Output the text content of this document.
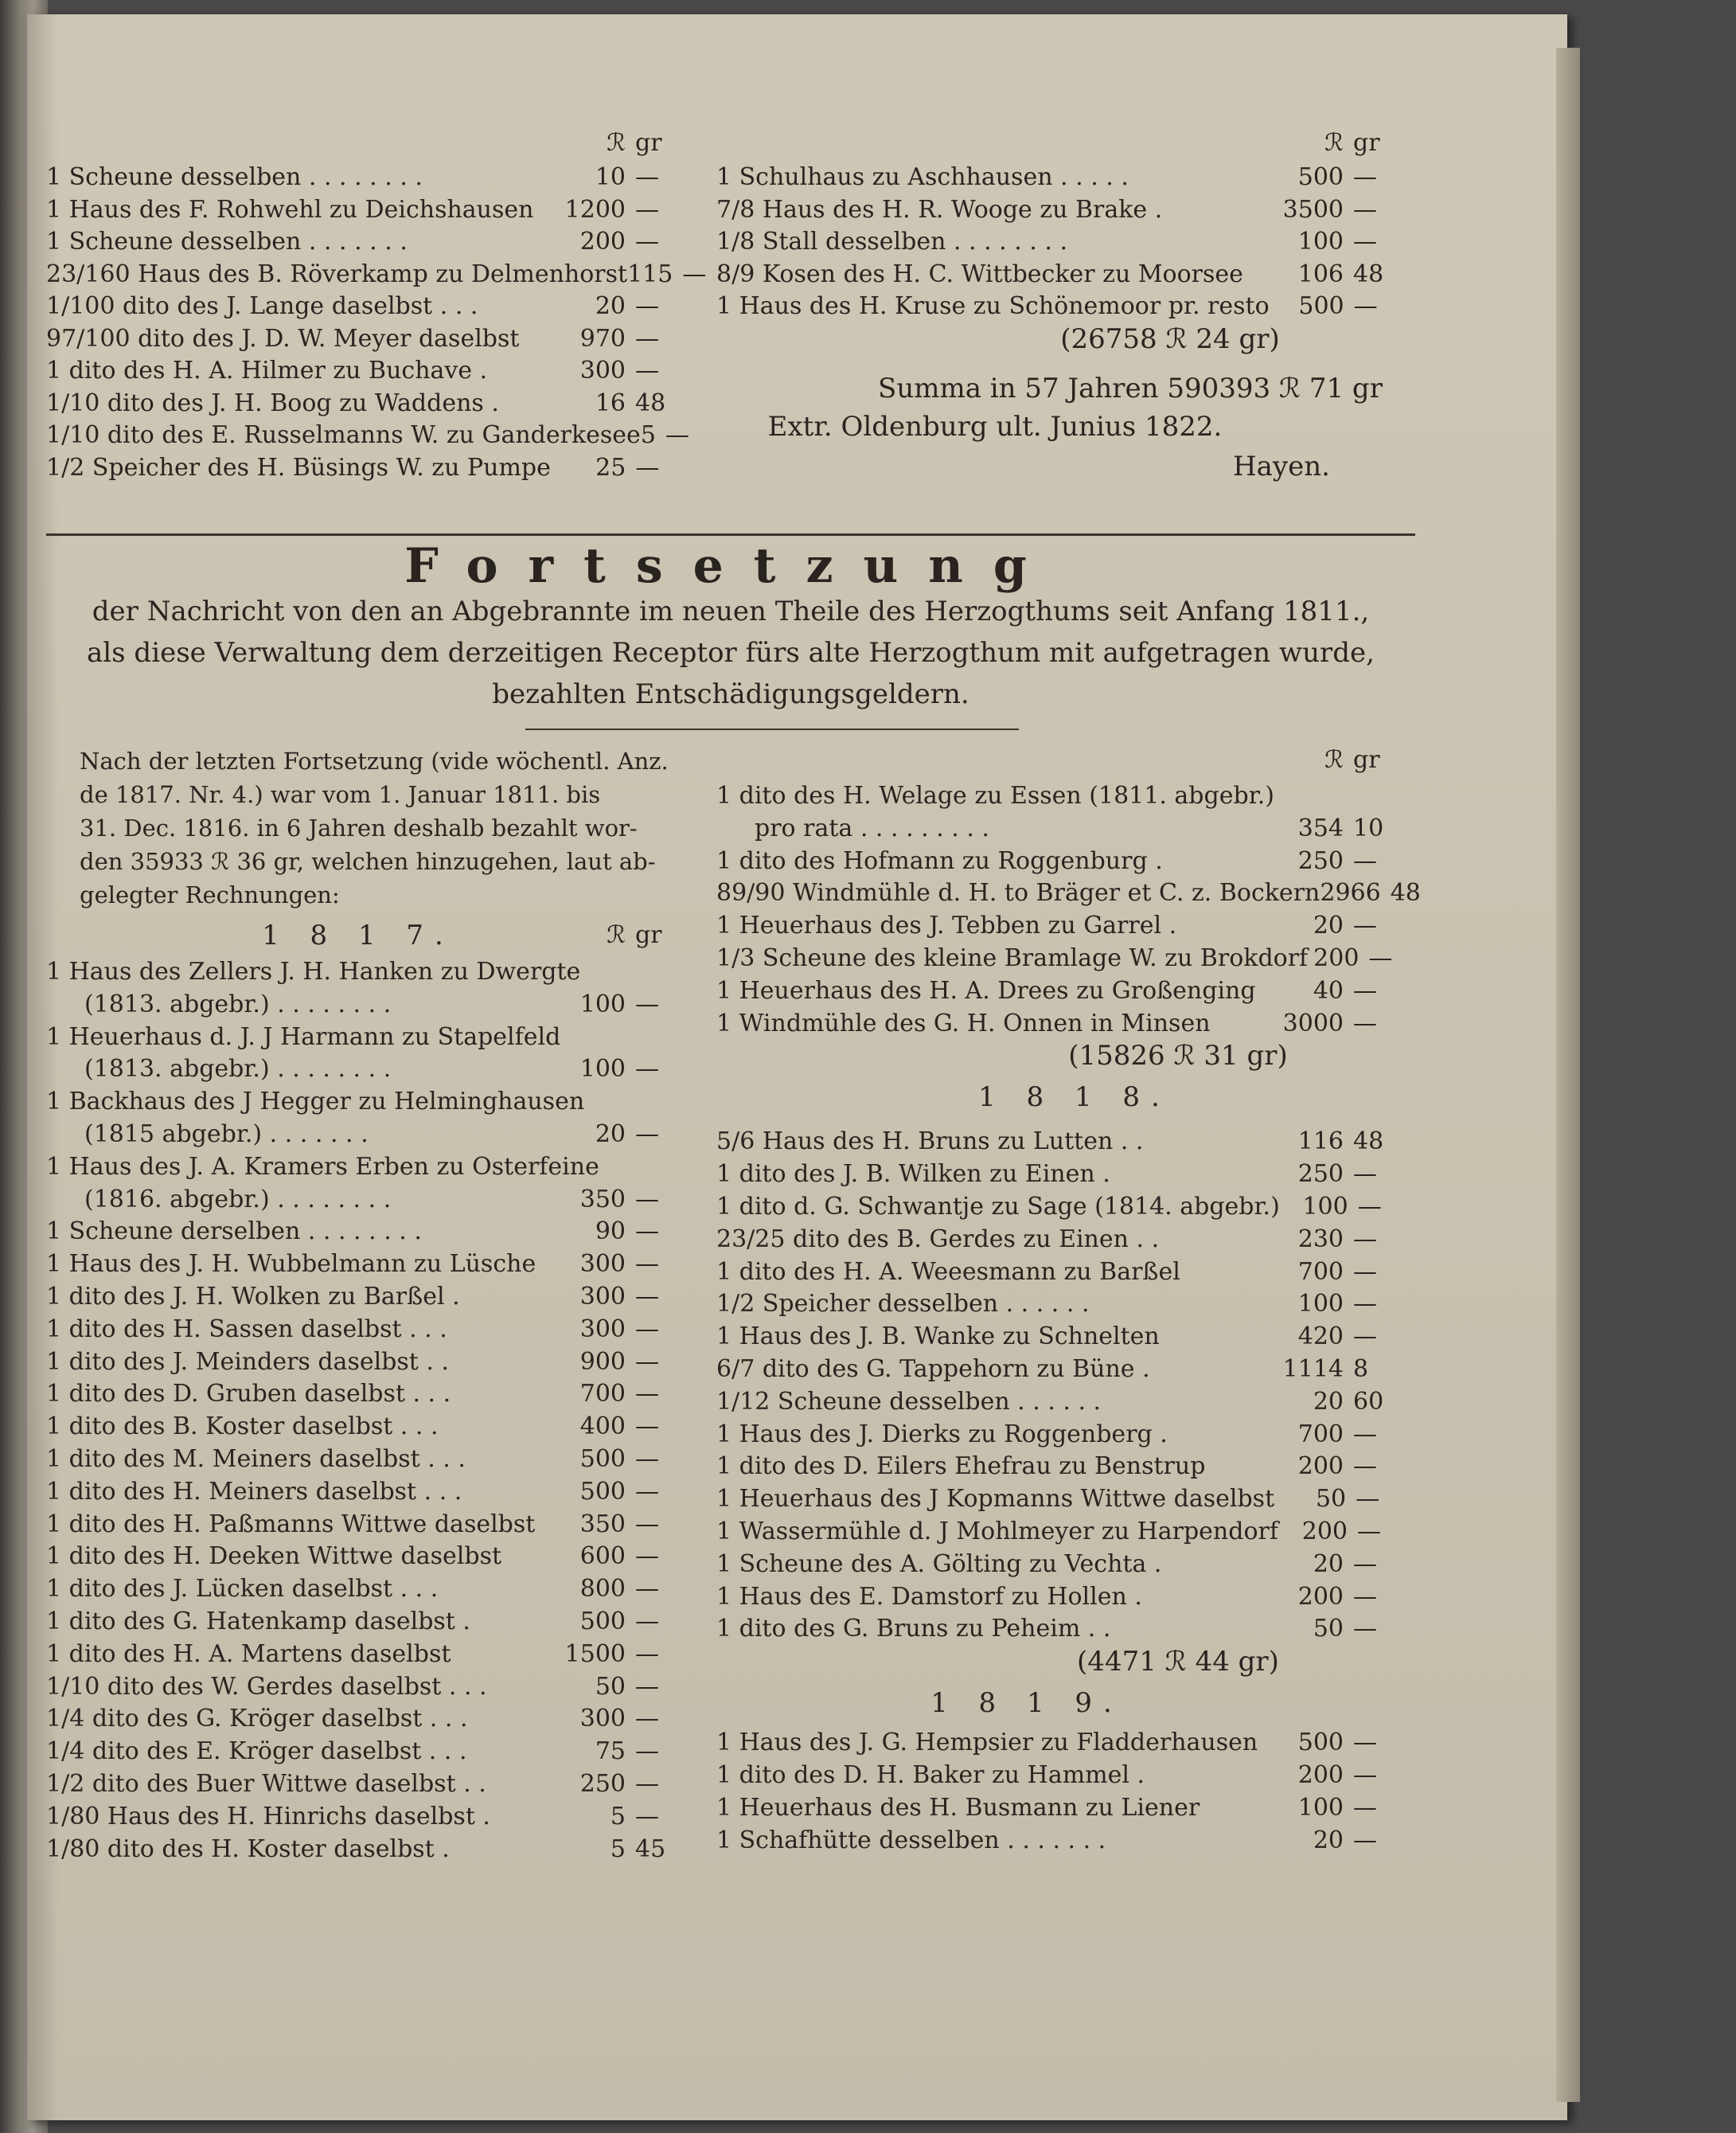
ℛ gr
1 Scheune desselben . . . . . . . .	10 —
1 Haus des F. Rohwehl zu Deichshausen	1200 —
1 Scheune desselben . . . . . . .	200 —
23/160 Haus des B. Röverkamp zu Delmenhorst 115 —
1/100 dito des J. Lange daselbst . . .	20 —
97/100 dito des J. D. W. Meyer daselbst	970 —
1 dito des H. A. Hilmer zu Buchave .	300 —
1/10 dito des J. H. Boog zu Waddens .	16 48
1/10 dito des E. Russelmanns W. zu Ganderkesee 5 —
1/2 Speicher des H. Büsings W. zu Pumpe	25 —
ℛ gr
1 Schulhaus zu Aschhausen . . . . .	500 —
7/8 Haus des H. R. Wooge zu Brake .	3500 —
1/8 Stall desselben . . . . . . . .	100 —
8/9 Kosen des H. C. Wittbecker zu Moorsee	106 48
1 Haus des H. Kruse zu Schönemoor pr. resto	500 —
(26758 ℛ 24 gr)
Summa in 57 Jahren 590393 ℛ 71 gr
Extr. Oldenburg ult. Junius 1822.
Hayen.
Fortsetzung
der Nachricht von den an Abgebrannte im neuen Theile des Herzogthums seit Anfang 1811.,
als diese Verwaltung dem derzeitigen Receptor fürs alte Herzogthum mit aufgetragen wurde,
bezahlten Entschädigungsgeldern.
Nach der letzten Fortsetzung (vide wöchentl. Anz.
de 1817. Nr. 4.) war vom 1. Januar 1811. bis
31. Dec. 1816. in 6 Jahren deshalb bezahlt wor-
den 35933 ℛ 36 gr, welchen hinzugehen, laut ab-
gelegter Rechnungen:
1 8 1 7.	ℛ gr
1 Haus des Zellers J. H. Hanken zu Dwergte
(1813. abgebr.) . . . . . . . .	100 —
1 Heuerhaus d. J. J Harmann zu Stapelfeld
(1813. abgebr.) . . . . . . . .	100 —
1 Backhaus des J Hegger zu Helminghausen
(1815 abgebr.) . . . . . . .	20 —
1 Haus des J. A. Kramers Erben zu Osterfeine
(1816. abgebr.) . . . . . . . .	350 —
1 Scheune derselben . . . . . . . .	90 —
1 Haus des J. H. Wubbelmann zu Lüsche	300 —
1 dito des J. H. Wolken zu Barßel .	300 —
1 dito des H. Sassen daselbst . . .	300 —
1 dito des J. Meinders daselbst . .	900 —
1 dito des D. Gruben daselbst . . .	700 —
1 dito des B. Koster daselbst . . .	400 —
1 dito des M. Meiners daselbst . . .	500 —
1 dito des H. Meiners daselbst . . .	500 —
1 dito des H. Paßmanns Wittwe daselbst	350 —
1 dito des H. Deeken Wittwe daselbst	600 —
1 dito des J. Lücken daselbst . . .	800 —
1 dito des G. Hatenkamp daselbst .	500 —
1 dito des H. A. Martens daselbst	1500 —
1/10 dito des W. Gerdes daselbst . . .	50 —
1/4 dito des G. Kröger daselbst . . .	300 —
1/4 dito des E. Kröger daselbst . . .	75 —
1/2 dito des Buer Wittwe daselbst . .	250 —
1/80 Haus des H. Hinrichs daselbst .	5 —
1/80 dito des H. Koster daselbst .	5 45
ℛ gr
1 dito des H. Welage zu Essen (1811. abgebr.)
pro rata . . . . . . . . .	354 10
1 dito des Hofmann zu Roggenburg .	250 —
89/90 Windmühle d. H. to Bräger et C. z. Bockern 2966 48
1 Heuerhaus des J. Tebben zu Garrel .	20 —
1/3 Scheune des kleine Bramlage W. zu Brokdorf 200 —
1 Heuerhaus des H. A. Drees zu Großenging	40 —
1 Windmühle des G. H. Onnen in Minsen	3000 —
(15826 ℛ 31 gr)
1 8 1 8.
5/6 Haus des H. Bruns zu Lutten . .	116 48
1 dito des J. B. Wilken zu Einen .	250 —
1 dito d. G. Schwantje zu Sage (1814. abgebr.) 100 —
23/25 dito des B. Gerdes zu Einen . .	230 —
1 dito des H. A. Weeesmann zu Barßel	700 —
1/2 Speicher desselben . . . . . .	100 —
1 Haus des J. B. Wanke zu Schnelten	420 —
6/7 dito des G. Tappehorn zu Büne .	1114 8
1/12 Scheune desselben . . . . . .	20 60
1 Haus des J. Dierks zu Roggenberg .	700 —
1 dito des D. Eilers Ehefrau zu Benstrup	200 —
1 Heuerhaus des J Kopmanns Wittwe daselbst	50 —
1 Wassermühle d. J Mohlmeyer zu Harpendorf 200 —
1 Scheune des A. Gölting zu Vechta .	20 —
1 Haus des E. Damstorf zu Hollen .	200 —
1 dito des G. Bruns zu Peheim . .	50 —
(4471 ℛ 44 gr)
1 8 1 9.
1 Haus des J. G. Hempsier zu Fladderhausen	500 —
1 dito des D. H. Baker zu Hammel .	200 —
1 Heuerhaus des H. Busmann zu Liener	100 —
1 Schafhütte desselben . . . . . . .	20 —
